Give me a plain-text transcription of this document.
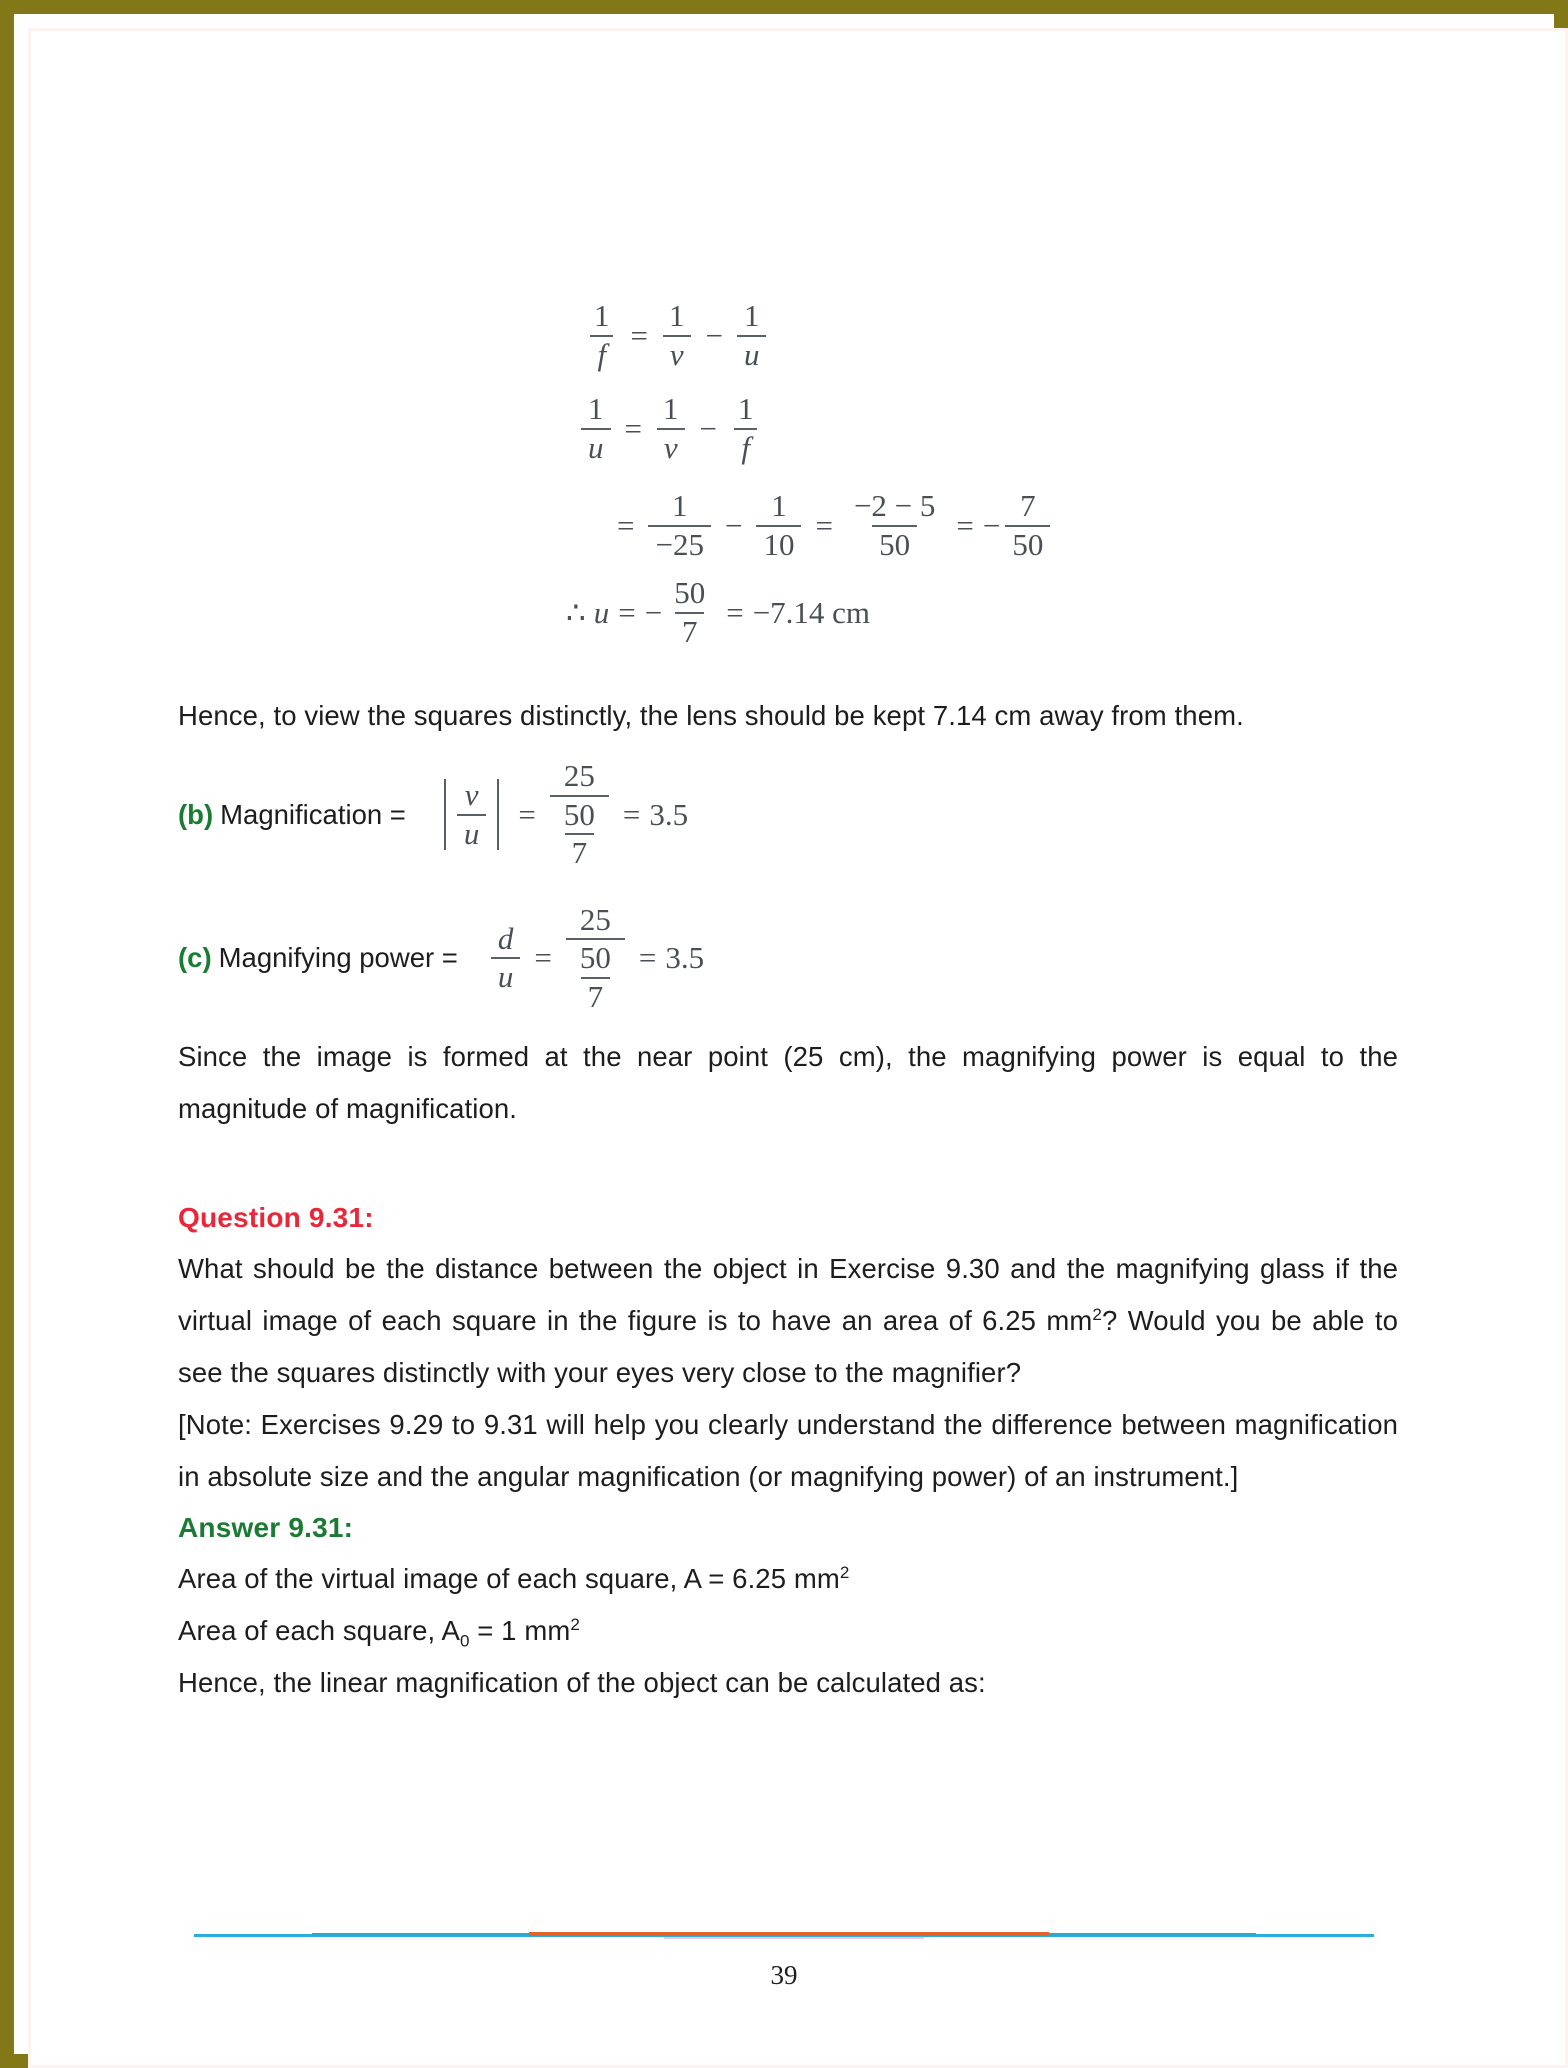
$\frac{1}{f} = \frac{1}{v} - \frac{1}{u}$
$\frac{1}{u} = \frac{1}{v} - \frac{1}{f}$
= $\frac{1}{-25} - \frac{1}{10} = \frac{-2 - 5}{50}$ = − $\frac{7}{50}$
∴ u = − $\frac{50}{7} = -7.14$ cm

Hence, to view the squares distinctly, the lens should be kept 7.14 cm away from them.

(b) Magnification = $\frac{v}{u} = \frac{25}{\frac{50}{7}} = 3.5$
(c) Magnifying power = $\frac{d}{u} = \frac{25}{\frac{50}{7}} = 3.5$

Since the image is formed at the near point (25 cm), the magnifying power is equal to the magnitude of magnification.

Question 9.31:

What should be the distance between the object in Exercise 9.30 and the magnifying glass if the virtual image of each square in the figure is to have an area of 6.25 $mm^2$? Would you be able to see the squares distinctly with your eyes very close to the magnifier?

[Note: Exercises 9.29 to 9.31 will help you clearly understand the difference between magnification in absolute size and the angular magnification (or magnifying power) of an instrument.]

Answer 9.31:

Area of the virtual image of each square, A = 6.25 $mm^2$

Area of each square, $A_0 = 1$ $mm^2$

Hence, the linear magnification of the object can be calculated as:

39
